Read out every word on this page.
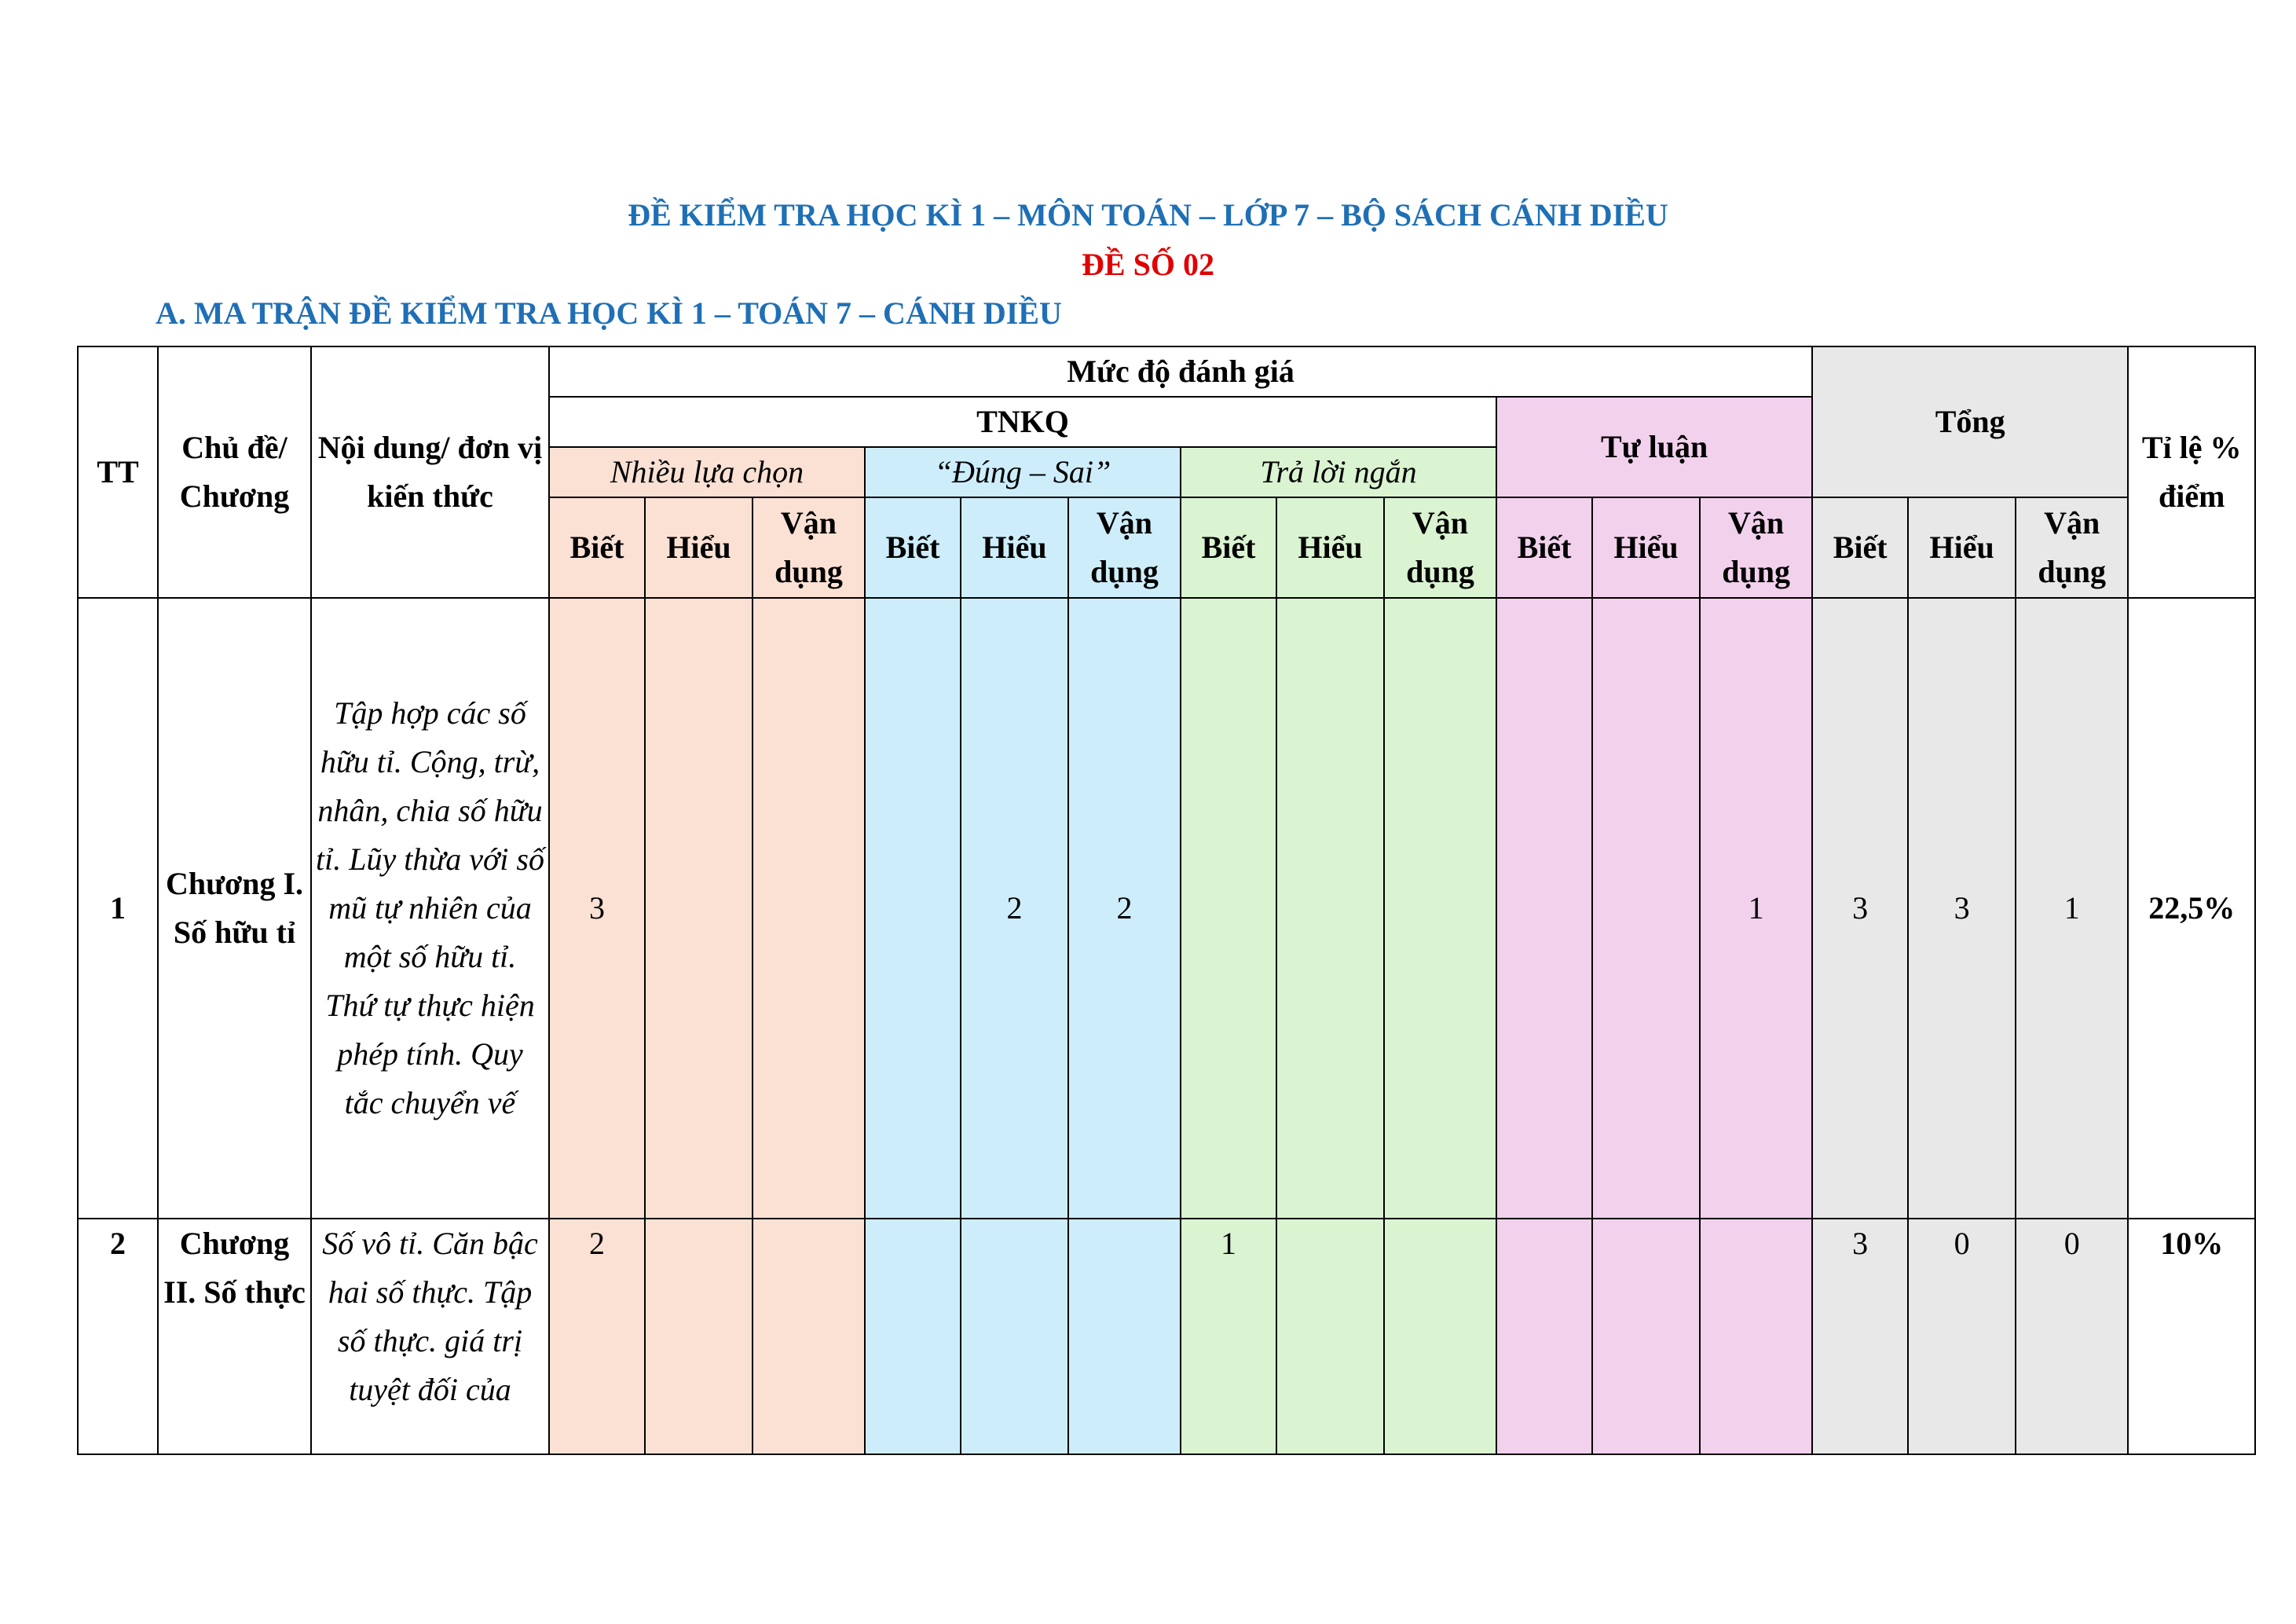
ĐỀ KIỂM TRA HỌC KÌ 1 – MÔN TOÁN – LỚP 7 – BỘ SÁCH CÁNH DIỀU
ĐỀ SỐ 02
A. MA TRẬN ĐỀ KIỂM TRA HỌC KÌ 1 – TOÁN 7 – CÁNH DIỀU
TT	Chủ đề/ Chương	Nội dung/ đơn vị kiến thức	Mức độ đánh giá												Tổng			Tỉ lệ % điểm
			TNKQ									Tự luận						
			Nhiều lựa chọn			“Đúng – Sai”			Trả lời ngắn									
			Biết	Hiểu	Vận dụng	Biết	Hiểu	Vận dụng	Biết	Hiểu	Vận dụng	Biết	Hiểu	Vận dụng	Biết	Hiểu	Vận dụng	
1	Chương I. Số hữu tỉ	Tập hợp các số hữu tỉ. Cộng, trừ, nhân, chia số hữu tỉ. Lũy thừa với số mũ tự nhiên của một số hữu tỉ. Thứ tự thực hiện phép tính. Quy tắc chuyển vế	3				2	2						1	3	3	1	22,5%
2	Chương II. Số thực	Số vô tỉ. Căn bậc hai số thực. Tập số thực. giá trị tuyệt đối của	2						1						3	0	0	10%
